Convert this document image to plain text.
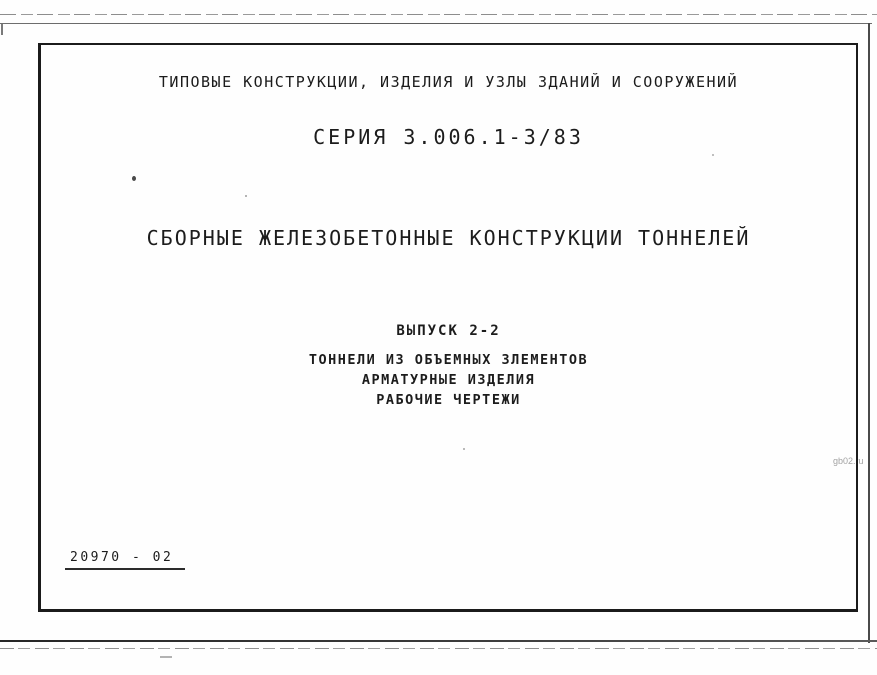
ТИПОВЫЕ КОНСТРУКЦИИ, ИЗДЕЛИЯ И УЗЛЫ ЗДАНИЙ И СООРУЖЕНИЙ
СЕРИЯ 3.006.1-3/83
СБОРНЫЕ ЖЕЛЕЗОБЕТОННЫЕ КОНСТРУКЦИИ ТОННЕЛЕЙ
ВЫПУСК 2-2
ТОННЕЛИ ИЗ ОБЪЕМНЫХ ЗЛЕМЕНТОВ
АРМАТУРНЫЕ ИЗДЕЛИЯ
РАБОЧИЕ ЧЕРТЕЖИ
20970 - 02
gb02.ru
